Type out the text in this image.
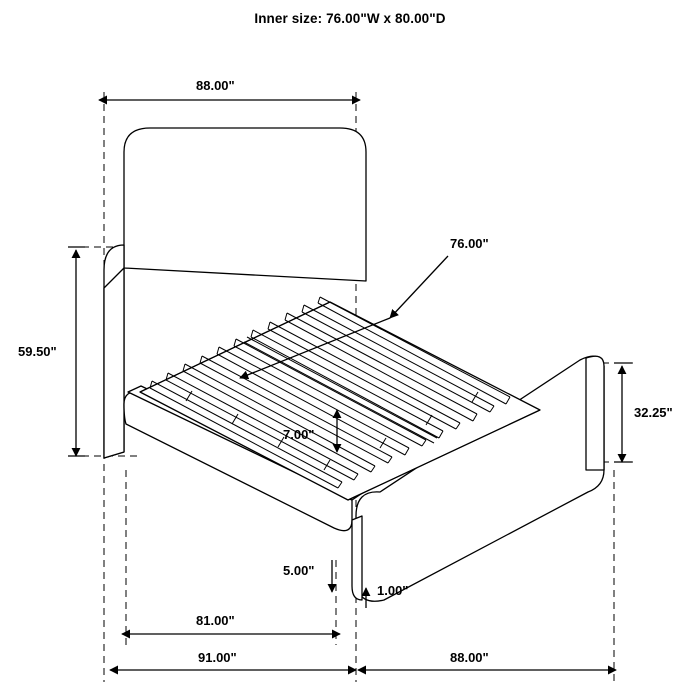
Inner size: 76.00"W x 80.00"D
88.00"
59.50"
76.00"
32.25"
7.00"
5.00"
1.00"
81.00"
91.00"	88.00"
